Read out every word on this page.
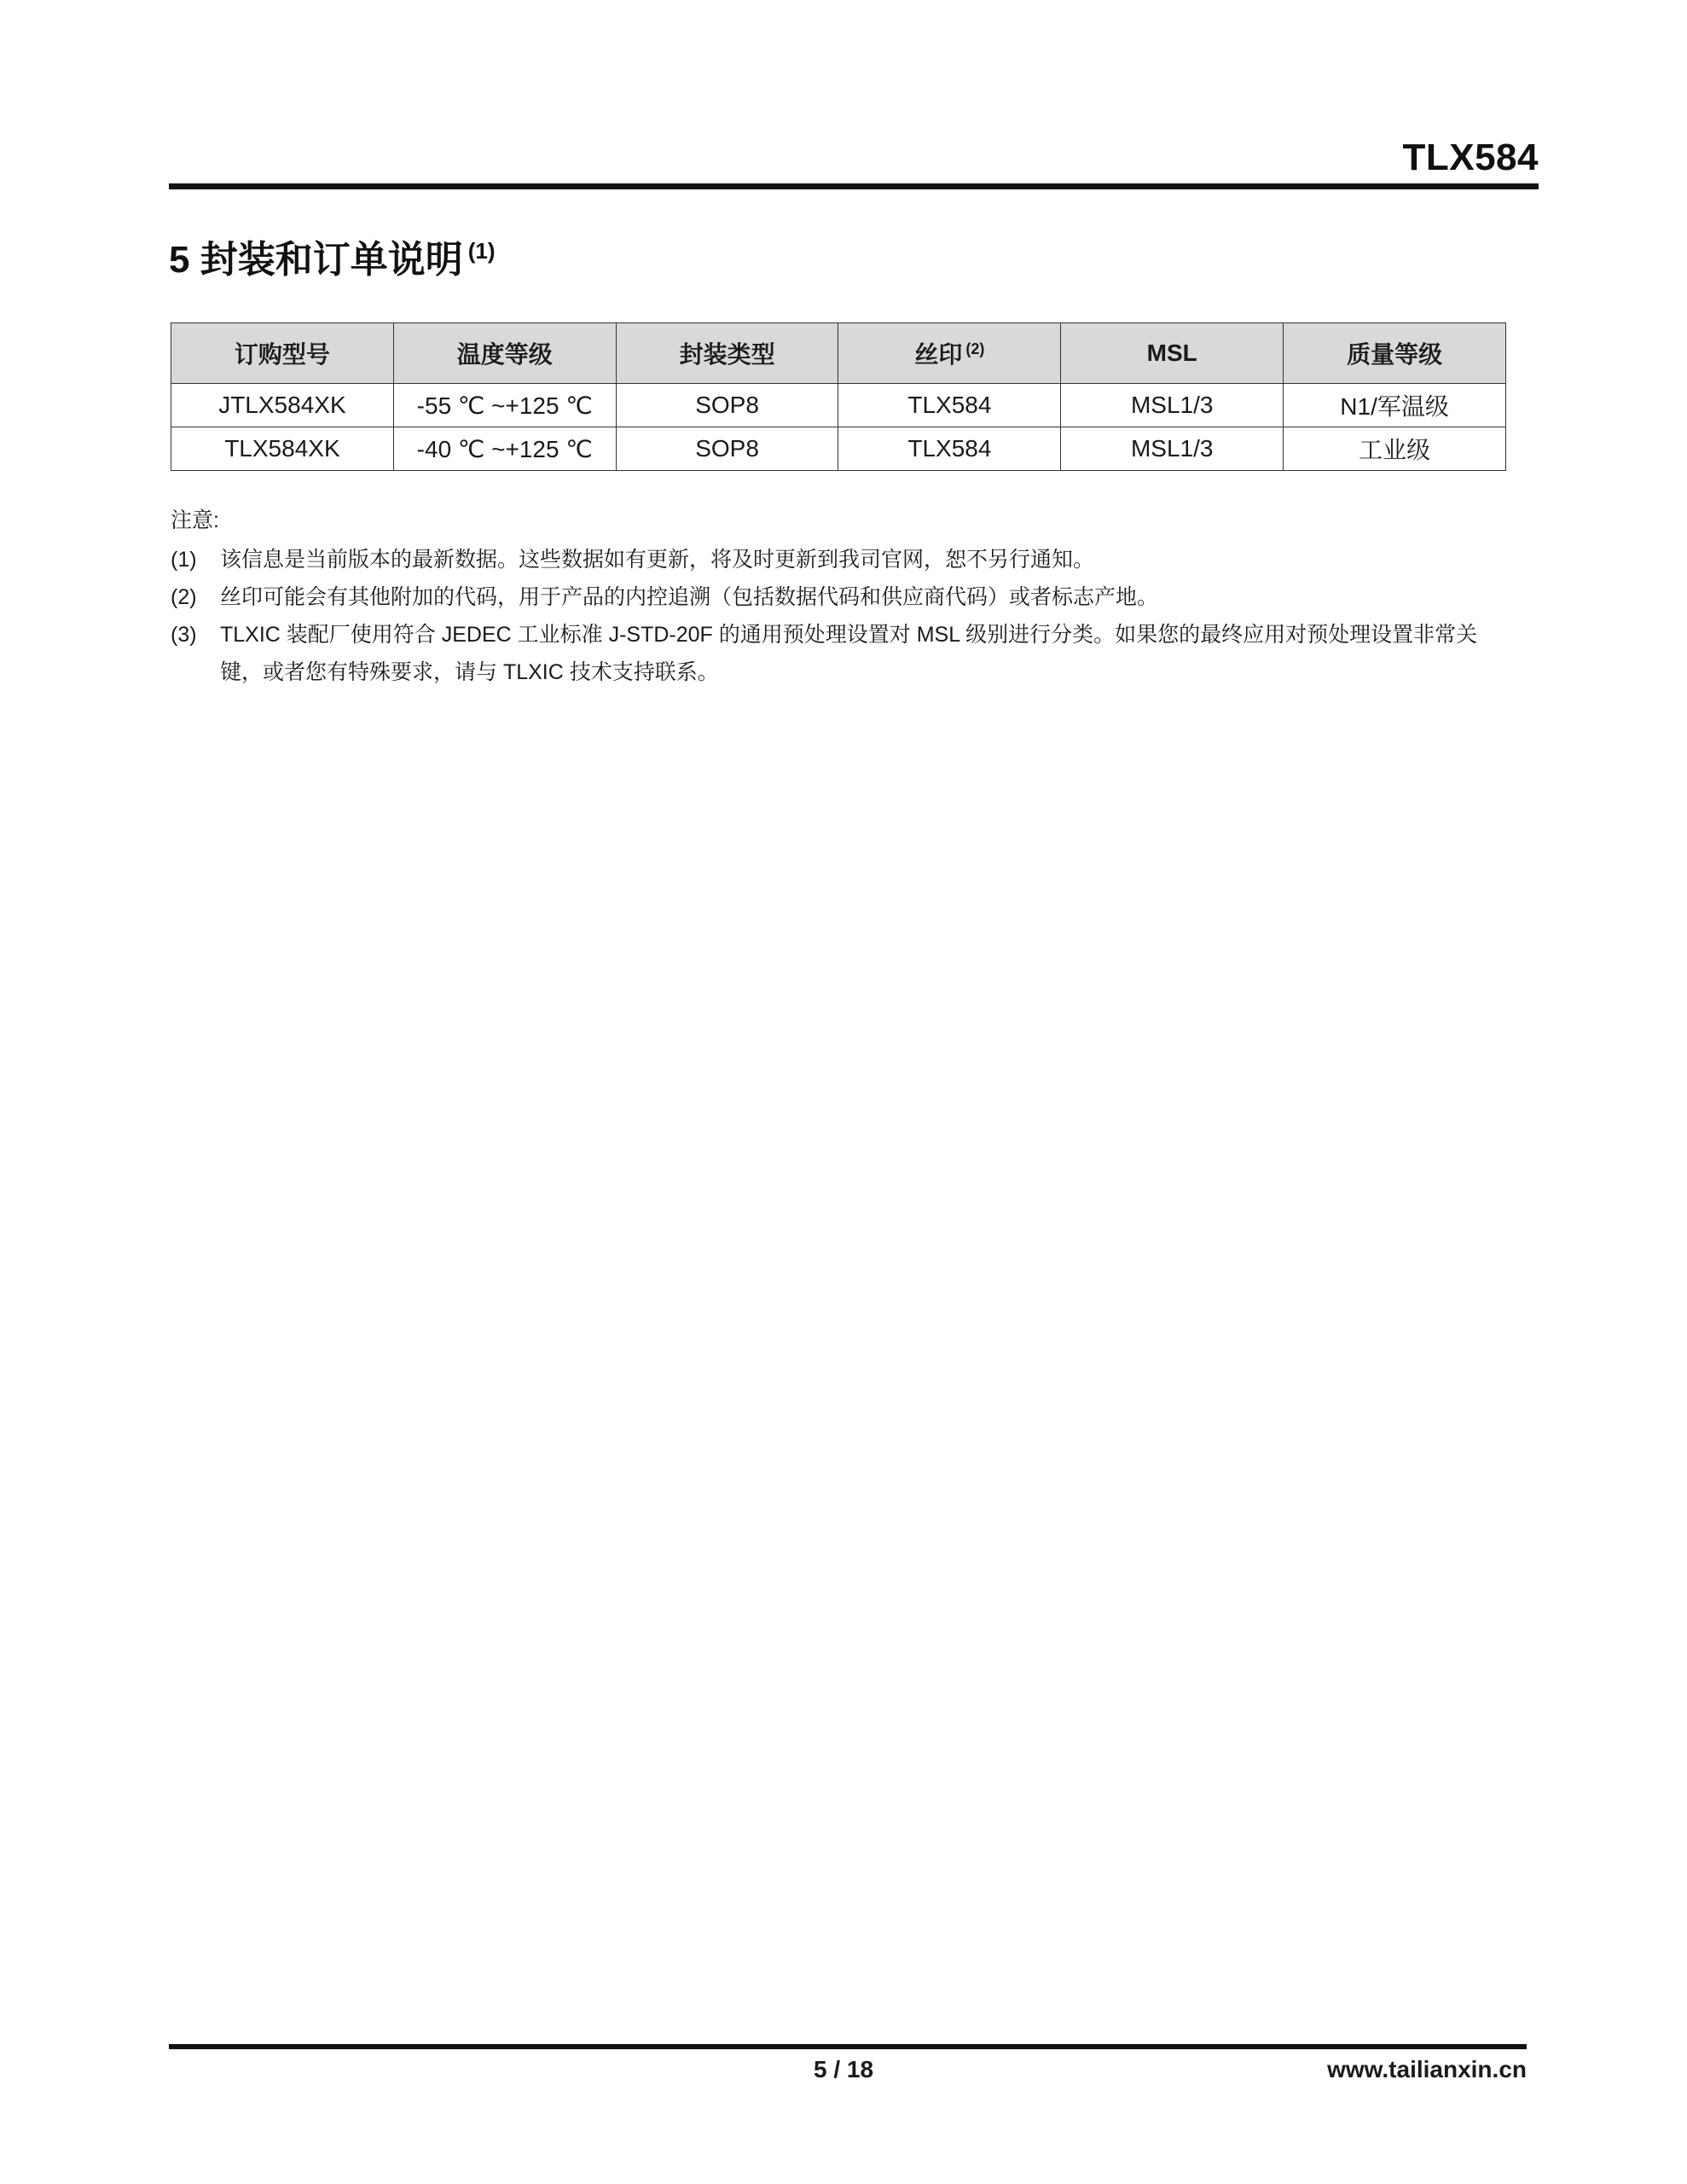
TLX584
5 封装和订单说明 $^{(1)}$
订购型号	温度等级	封装类型	丝印 $^{(2)}$	MSL	质量等级
JTLX584XK	-55 ℃ ~+125 ℃	SOP8	TLX584	MSL1/3	N1/军温级
TLX584XK	-40 ℃ ~+125 ℃	SOP8	TLX584	MSL1/3	工业级
注意:
(1)	该信息是当前版本的最新数据。这些数据如有更新，将及时更新到我司官网，恕不另行通知。
(2)	丝印可能会有其他附加的代码，用于产品的内控追溯（包括数据代码和供应商代码）或者标志产地。
(3)	TLXIC 装配厂使用符合 JEDEC 工业标准 J-STD-20F 的通用预处理设置对 MSL 级别进行分类。如果您的最终应用对预处理设置非常关键，或者您有特殊要求，请与 TLXIC 技术支持联系。
5 / 18	www.tailianxin.cn
